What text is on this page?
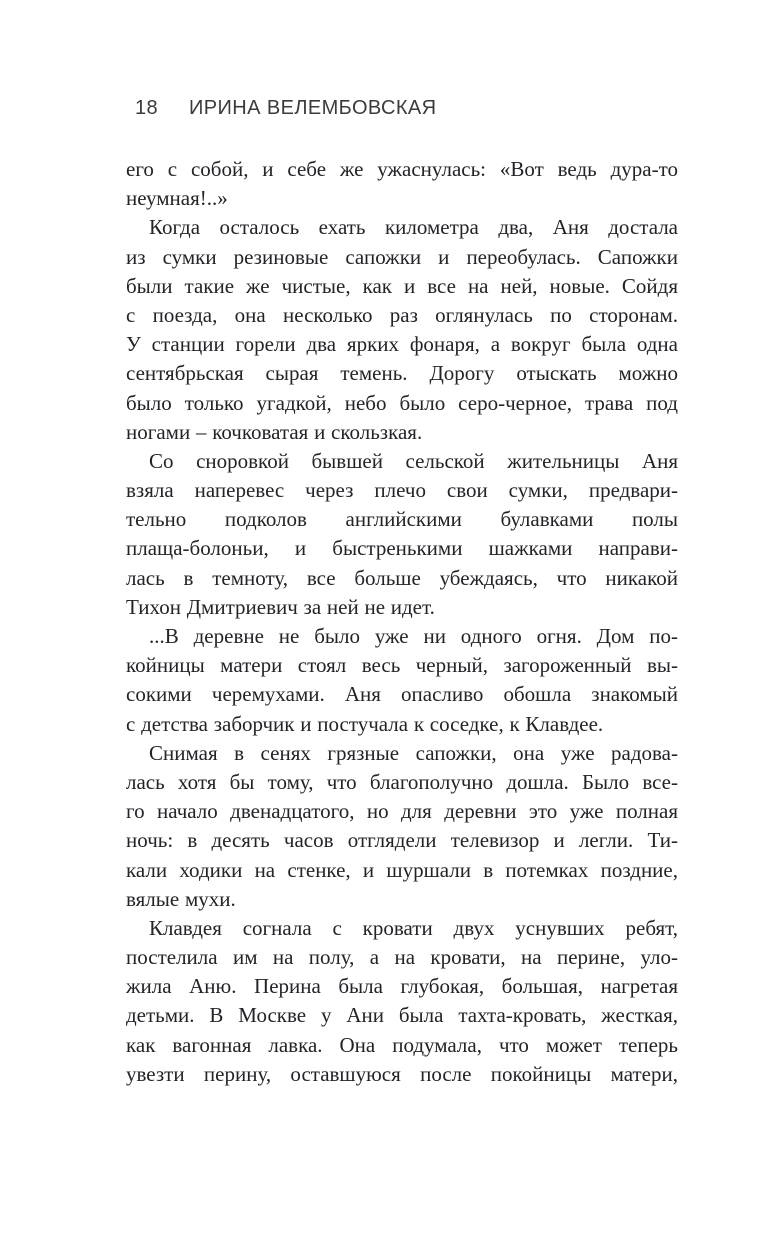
18 ИРИНА ВЕЛЕМБОВСКАЯ
его с собой, и себе же ужаснулась: «Вот ведь дура-то
неумная!..»
Когда осталось ехать километра два, Аня достала
из сумки резиновые сапожки и переобулась. Сапожки
были такие же чистые, как и все на ней, новые. Сойдя
с поезда, она несколько раз оглянулась по сторонам.
У станции горели два ярких фонаря, а вокруг была одна
сентябрьская сырая темень. Дорогу отыскать можно
было только угадкой, небо было серо-черное, трава под
ногами – кочковатая и скользкая.
Со сноровкой бывшей сельской жительницы Аня
взяла наперевес через плечо свои сумки, предвари-
тельно подколов английскими булавками полы
плаща-болоньи, и быстренькими шажками направи-
лась в темноту, все больше убеждаясь, что никакой
Тихон Дмитриевич за ней не идет.
...В деревне не было уже ни одного огня. Дом по-
койницы матери стоял весь черный, загороженный вы-
сокими черемухами. Аня опасливо обошла знакомый
с детства заборчик и постучала к соседке, к Клавдее.
Снимая в сенях грязные сапожки, она уже радова-
лась хотя бы тому, что благополучно дошла. Было все-
го начало двенадцатого, но для деревни это уже полная
ночь: в десять часов отглядели телевизор и легли. Ти-
кали ходики на стенке, и шуршали в потемках поздние,
вялые мухи.
Клавдея согнала с кровати двух уснувших ребят,
постелила им на полу, а на кровати, на перине, уло-
жила Аню. Перина была глубокая, большая, нагретая
детьми. В Москве у Ани была тахта-кровать, жесткая,
как вагонная лавка. Она подумала, что может теперь
увезти перину, оставшуюся после покойницы матери,
